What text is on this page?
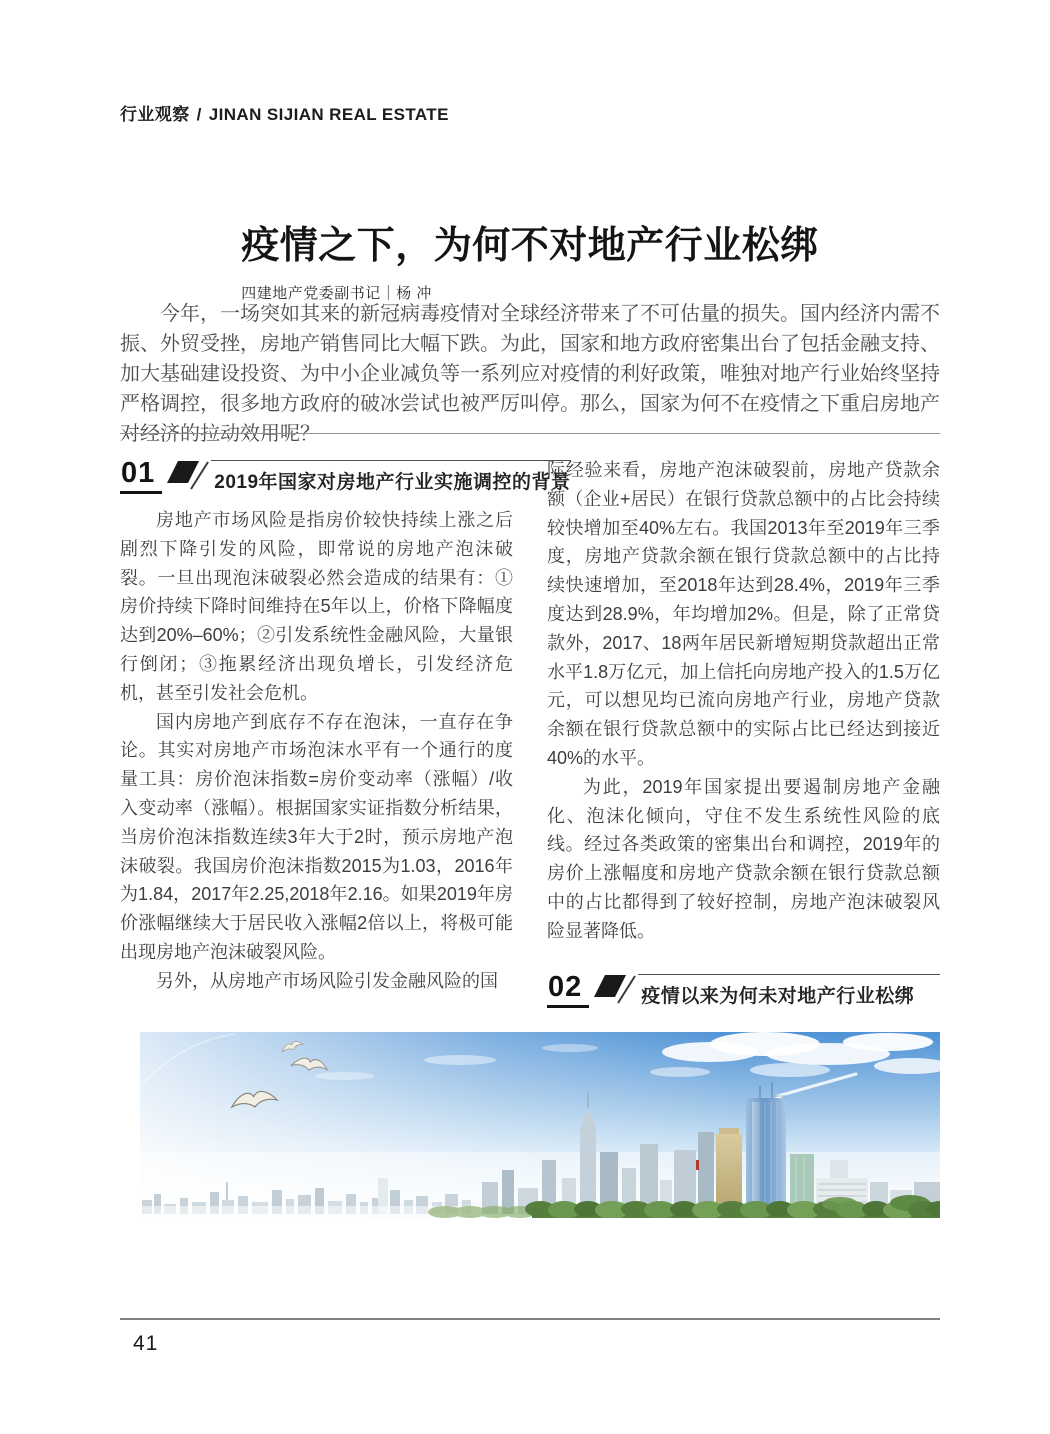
行业观察 / JINAN SIJIAN REAL ESTATE
疫情之下，为何不对地产行业松绑
四建地产党委副书记｜杨 冲

今年，一场突如其来的新冠病毒疫情对全球经济带来了不可估量的损失。国内经济内需不振、外贸受挫，房地产销售同比大幅下跌。为此，国家和地方政府密集出台了包括金融支持、加大基础建设投资、为中小企业减负等一系列应对疫情的利好政策，唯独对地产行业始终坚持严格调控，很多地方政府的破冰尝试也被严厉叫停。那么，国家为何不在疫情之下重启房地产对经济的拉动效用呢？

01	2019年国家对房地产行业实施调控的背景

房地产市场风险是指房价较快持续上涨之后剧烈下降引发的风险，即常说的房地产泡沫破裂。一旦出现泡沫破裂必然会造成的结果有：①房价持续下降时间维持在5年以上，价格下降幅度达到20%–60%；②引发系统性金融风险，大量银行倒闭；③拖累经济出现负增长，引发经济危机，甚至引发社会危机。

国内房地产到底存不存在泡沫，一直存在争论。其实对房地产市场泡沫水平有一个通行的度量工具：房价泡沫指数=房价变动率（涨幅）/收入变动率（涨幅）。根据国家实证指数分析结果，当房价泡沫指数连续3年大于2时，预示房地产泡沫破裂。我国房价泡沫指数2015为1.03，2016年为1.84，2017年2.25,2018年2.16。如果2019年房价涨幅继续大于居民收入涨幅2倍以上，将极可能出现房地产泡沫破裂风险。

另外，从房地产市场风险引发金融风险的国

际经验来看，房地产泡沫破裂前，房地产贷款余额（企业+居民）在银行贷款总额中的占比会持续较快增加至40%左右。我国2013年至2019年三季度，房地产贷款余额在银行贷款总额中的占比持续快速增加，至2018年达到28.4%，2019年三季度达到28.9%，年均增加2%。但是，除了正常贷款外，2017、18两年居民新增短期贷款超出正常水平1.8万亿元，加上信托向房地产投入的1.5万亿元，可以想见均已流向房地产行业，房地产贷款余额在银行贷款总额中的实际占比已经达到接近40%的水平。

为此，2019年国家提出要遏制房地产金融化、泡沫化倾向，守住不发生系统性风险的底线。经过各类政策的密集出台和调控，2019年的房价上涨幅度和房地产贷款余额在银行贷款总额中的占比都得到了较好控制，房地产泡沫破裂风险显著降低。

02	疫情以来为何未对地产行业松绑
41
